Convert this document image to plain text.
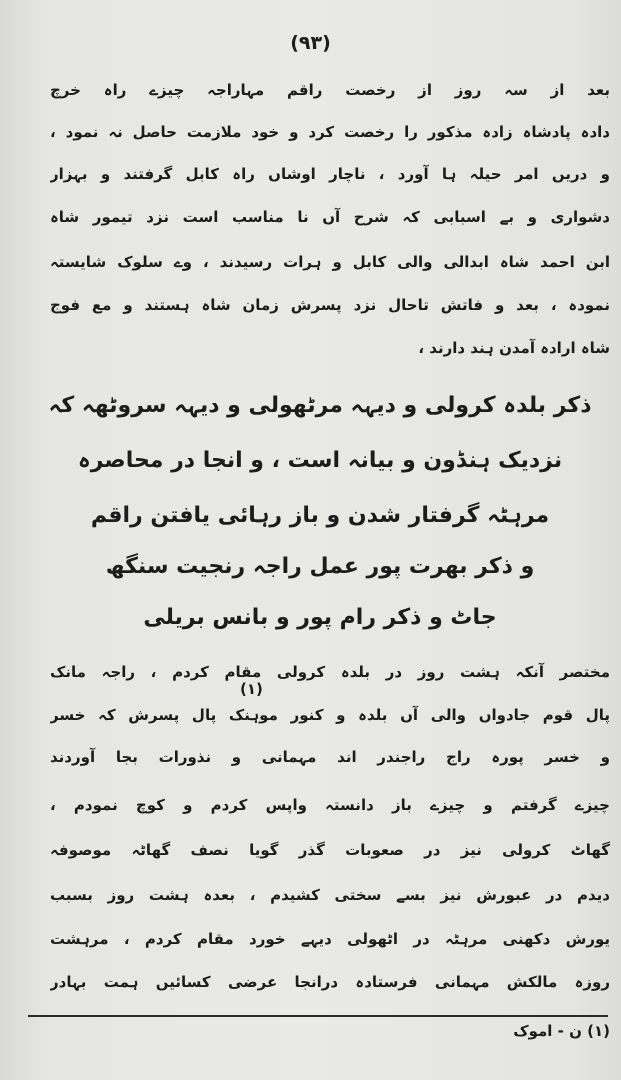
(۹۳)
بعد از سہ روز از رخصت راقم مہاراجہ چیزے راہ خرچ
دادہ پادشاہ زادہ مذکور را رخصت کرد و خود ملازمت حاصل نہ نمود ،
و دریں امر حیلہ ہا آورد ، ناچار اوشاں راہ کابل گرفتند و بہزار
دشواری و بے اسبابی کہ شرح آں نا مناسب است نزد تیمور شاہ
ابن احمد شاہ ابدالی والی کابل و ہرات رسیدند ، وے سلوک شایستہ
نمودہ ، بعد و فاتش تاحال نزد پسرش زمان شاہ ہستند و مع فوج
شاہ ارادہ آمدن ہند دارند ،
ذکر بلدہ کرولی و دیہہ مرٹھولی و دیہہ سروٹھہ کہ
نزدیک ہنڈون و بیانہ است ، و انجا در محاصرہ
مرہٹہ گرفتار شدن و باز رہائی یافتن راقم
و ذکر بھرت پور عمل راجہ رنجیت سنگھ
جاٹ و ذکر رام پور و بانس بریلی
مختصر آنکہ ہشت روز در بلدہ کرولی مقام کردم ، راجہ مانک
(۱)
پال قوم جادواں والی آں بلدہ و کنور موہنک پال پسرش کہ خسر
و خسر پورہ راج راجندر اند مہمانی و نذورات بجا آوردند
چیزے گرفتم و چیزے باز دانستہ واپس کردم و کوچ نمودم ،
گھاٹ کرولی نیز در صعوبات گذر گویا نصف گھاٹہ موصوفہ
دیدم در عبورش نیز بسے سختی کشیدم ، بعدہ ہشت روز بسبب
یورش دکھنی مرہٹہ در اٹھولی دیہے خورد مقام کردم ، مرہشت
روزہ مالکش مہمانی فرستادہ درانجا عرضی کسائیں ہمت بہادر
(۱) ن - اموک
